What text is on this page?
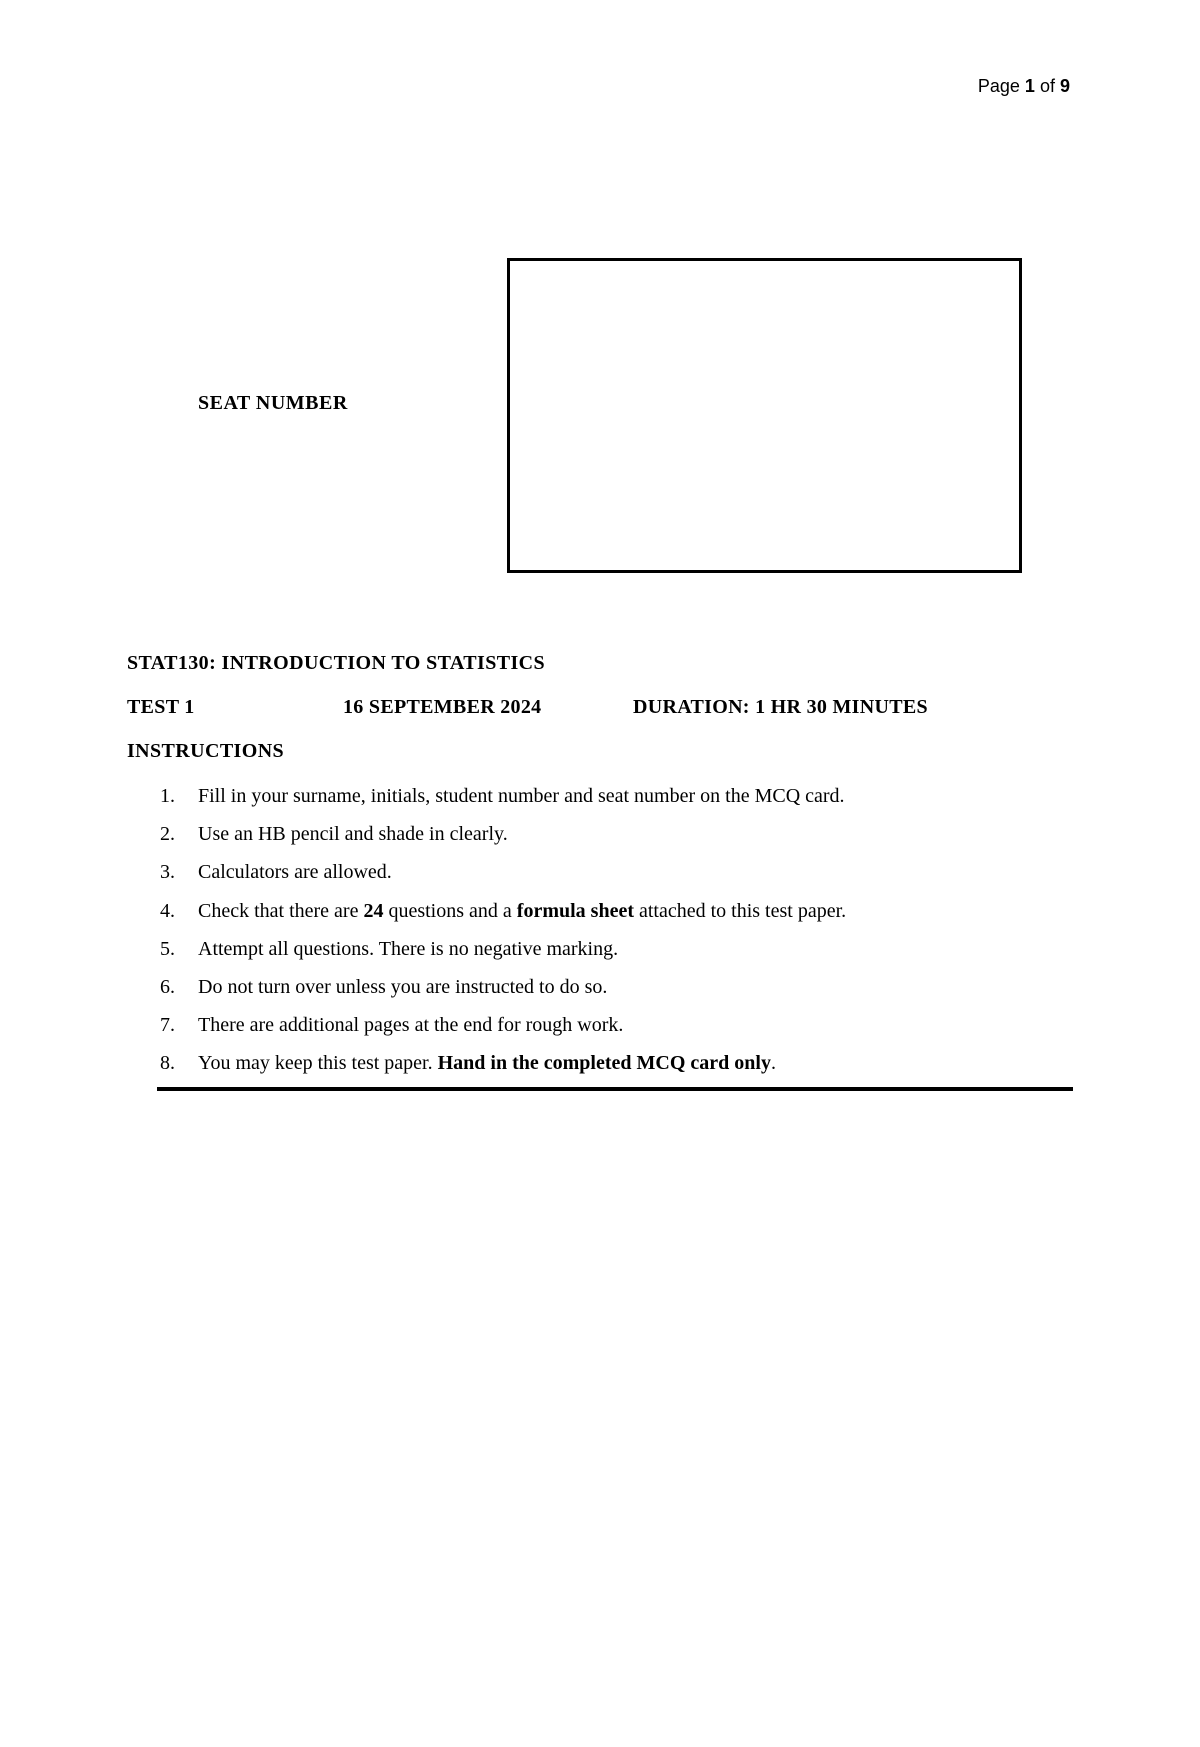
Page 1 of 9
SEAT NUMBER
STAT130: INTRODUCTION TO STATISTICS
TEST 1	16 SEPTEMBER 2024	DURATION: 1 HR 30 MINUTES
INSTRUCTIONS
1. Fill in your surname, initials, student number and seat number on the MCQ card.
2. Use an HB pencil and shade in clearly.
3. Calculators are allowed.
4. Check that there are 24 questions and a formula sheet attached to this test paper.
5. Attempt all questions. There is no negative marking.
6. Do not turn over unless you are instructed to do so.
7. There are additional pages at the end for rough work.
8. You may keep this test paper. Hand in the completed MCQ card only.
